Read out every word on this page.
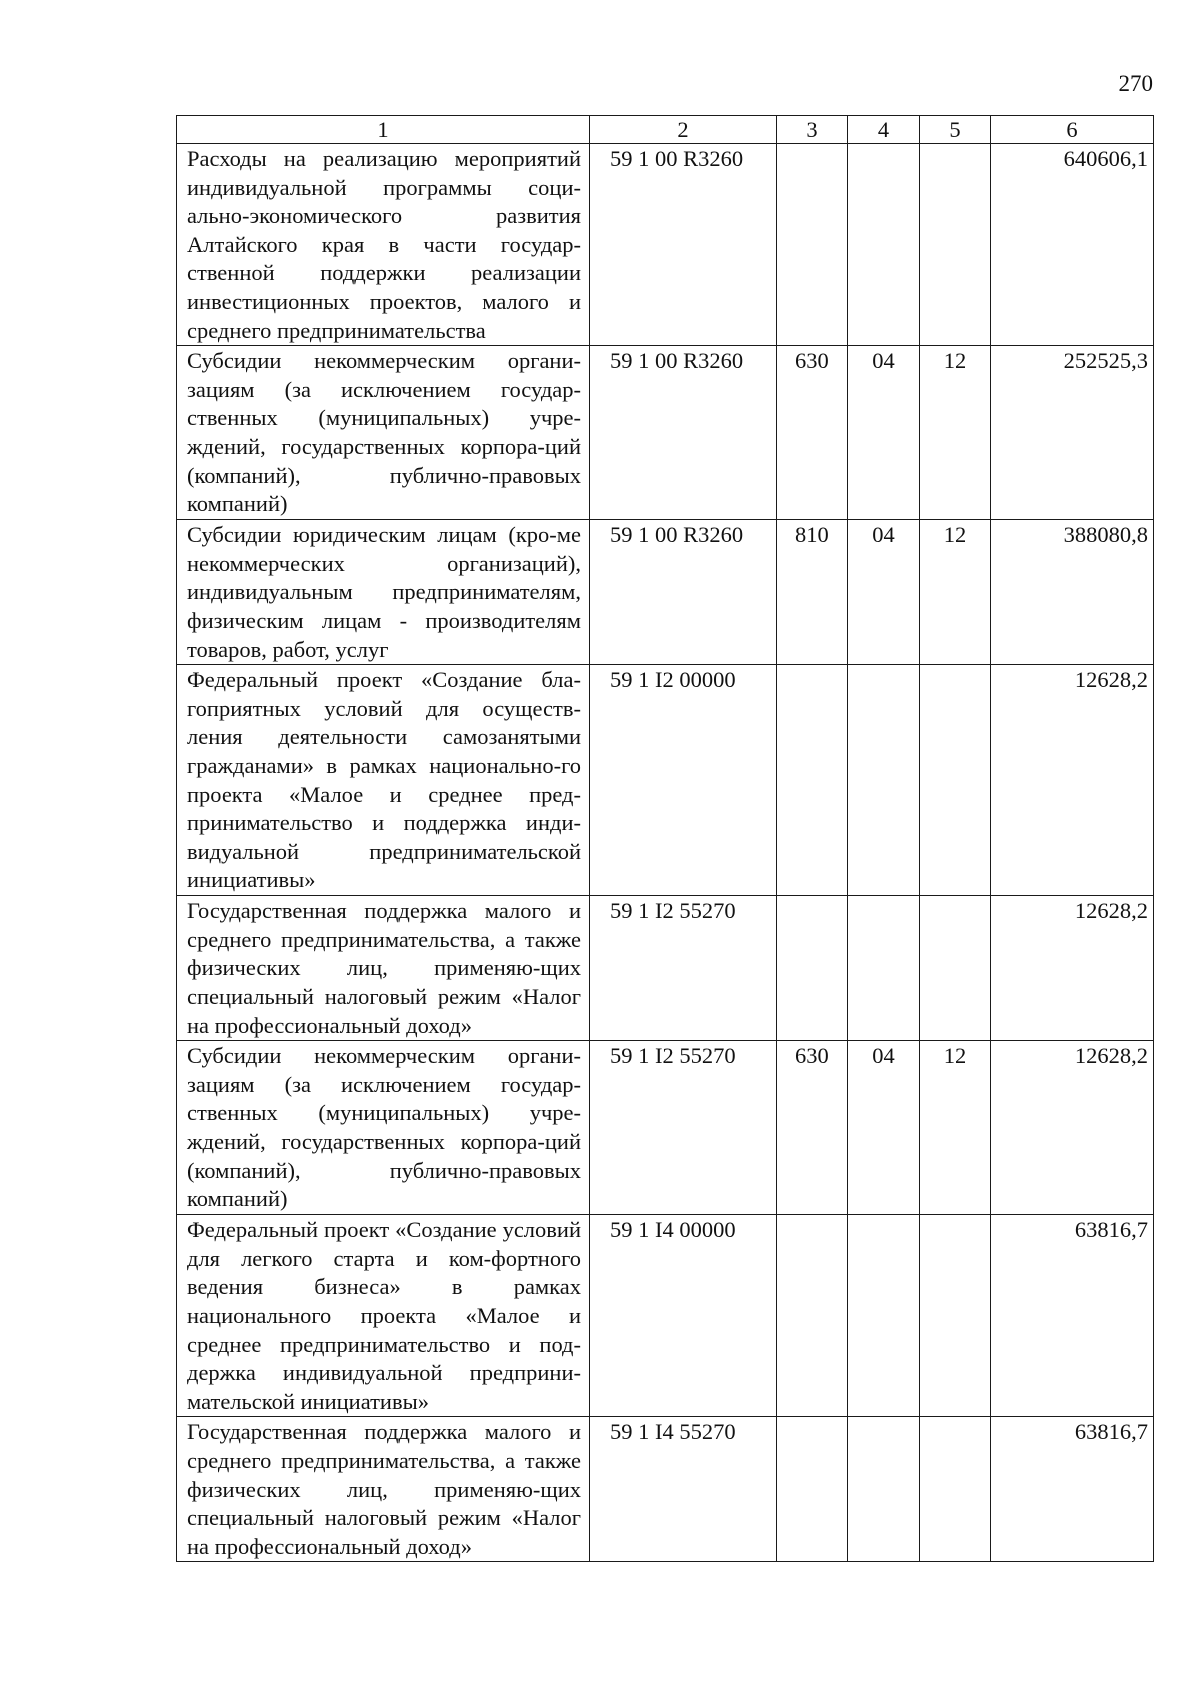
270
1	2	3	4	5	6
Расходы на реализацию мероприятий индивидуальной программы соци-ально-экономического развития Алтайского края в части государ-ственной поддержки реализации инвестиционных проектов, малого и среднего предпринимательства	59 1 00 R3260				640606,1
Субсидии некоммерческим органи-зациям (за исключением государ-ственных (муниципальных) учре-ждений, государственных корпора-ций (компаний), публично-правовых компаний)	59 1 00 R3260	630	04	12	252525,3
Субсидии юридическим лицам (кро-ме некоммерческих организаций), индивидуальным предпринимателям, физическим лицам - производителям товаров, работ, услуг	59 1 00 R3260	810	04	12	388080,8
Федеральный проект «Создание бла-гоприятных условий для осуществ-ления деятельности самозанятыми гражданами» в рамках национально-го проекта «Малое и среднее пред-принимательство и поддержка инди-видуальной предпринимательской инициативы»	59 1 I2 00000				12628,2
Государственная поддержка малого и среднего предпринимательства, а также физических лиц, применяю-щих специальный налоговый режим «Налог на профессиональный доход»	59 1 I2 55270				12628,2
Субсидии некоммерческим органи-зациям (за исключением государ-ственных (муниципальных) учре-ждений, государственных корпора-ций (компаний), публично-правовых компаний)	59 1 I2 55270	630	04	12	12628,2
Федеральный проект «Создание условий для легкого старта и ком-фортного ведения бизнеса» в рамках национального проекта «Малое и среднее предпринимательство и под-держка индивидуальной предприни-мательской инициативы»	59 1 I4 00000				63816,7
Государственная поддержка малого и среднего предпринимательства, а также физических лиц, применяю-щих специальный налоговый режим «Налог на профессиональный доход»	59 1 I4 55270				63816,7
